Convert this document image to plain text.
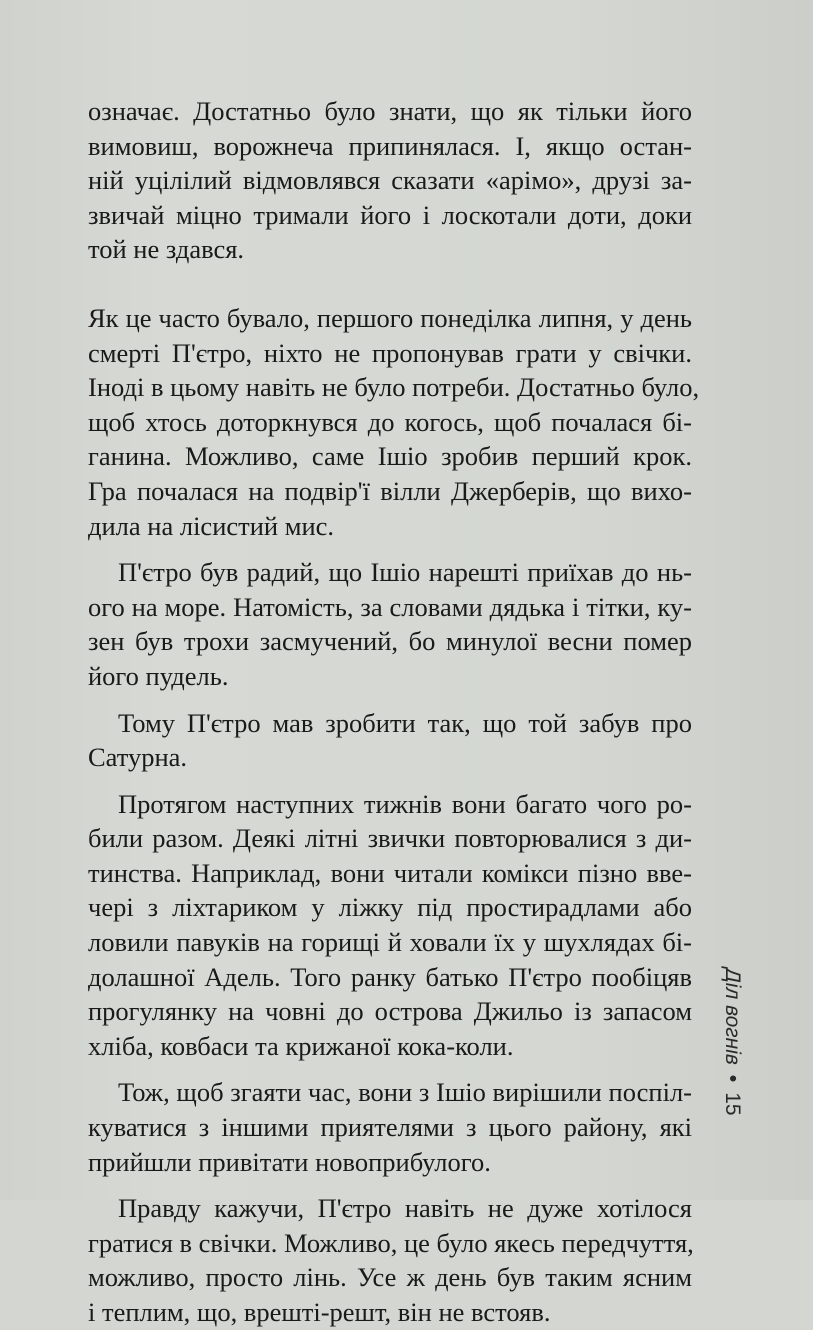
означає. Достатньо було знати, що як тільки його
вимовиш, ворожнеча припинялася. І, якщо остан-
ній уцілілий відмовлявся сказати «арімо», друзі за-
звичай міцно тримали його і лоскотали доти, доки
той не здався.

Як це часто бувало, першого понеділка липня, у день
смерті П'єтро, ніхто не пропонував грати у свічки.
Іноді в цьому навіть не було потреби. Достатньо було,
щоб хтось доторкнувся до когось, щоб почалася бі-
ганина. Можливо, саме Ішіо зробив перший крок.
Гра почалася на подвір'ї вілли Джерберів, що вихо-
дила на лісистий мис.

П'єтро був радий, що Ішіо нарешті приїхав до нь-
ого на море. Натомість, за словами дядька і тітки, ку-
зен був трохи засмучений, бо минулої весни помер
його пудель.

Тому П'єтро мав зробити так, що той забув про
Сатурна.

Протягом наступних тижнів вони багато чого ро-
били разом. Деякі літні звички повторювалися з ди-
тинства. Наприклад, вони читали комікси пізно вве-
чері з ліхтариком у ліжку під простирадлами або
ловили павуків на горищі й ховали їх у шухлядах бі-
долашної Адель. Того ранку батько П'єтро пообіцяв
прогулянку на човні до острова Джильо із запасом
хліба, ковбаси та крижаної кока-коли.

Тож, щоб згаяти час, вони з Ішіо вирішили поспіл-
куватися з іншими приятелями з цього району, які
прийшли привітати новоприбулого.

Правду кажучи, П'єтро навіть не дуже хотілося
гратися в свічки. Можливо, це було якесь передчуття,
можливо, просто лінь. Усе ж день був таким ясним
і теплим, що, врешті-решт, він не встояв.

Діл вогнів•15
